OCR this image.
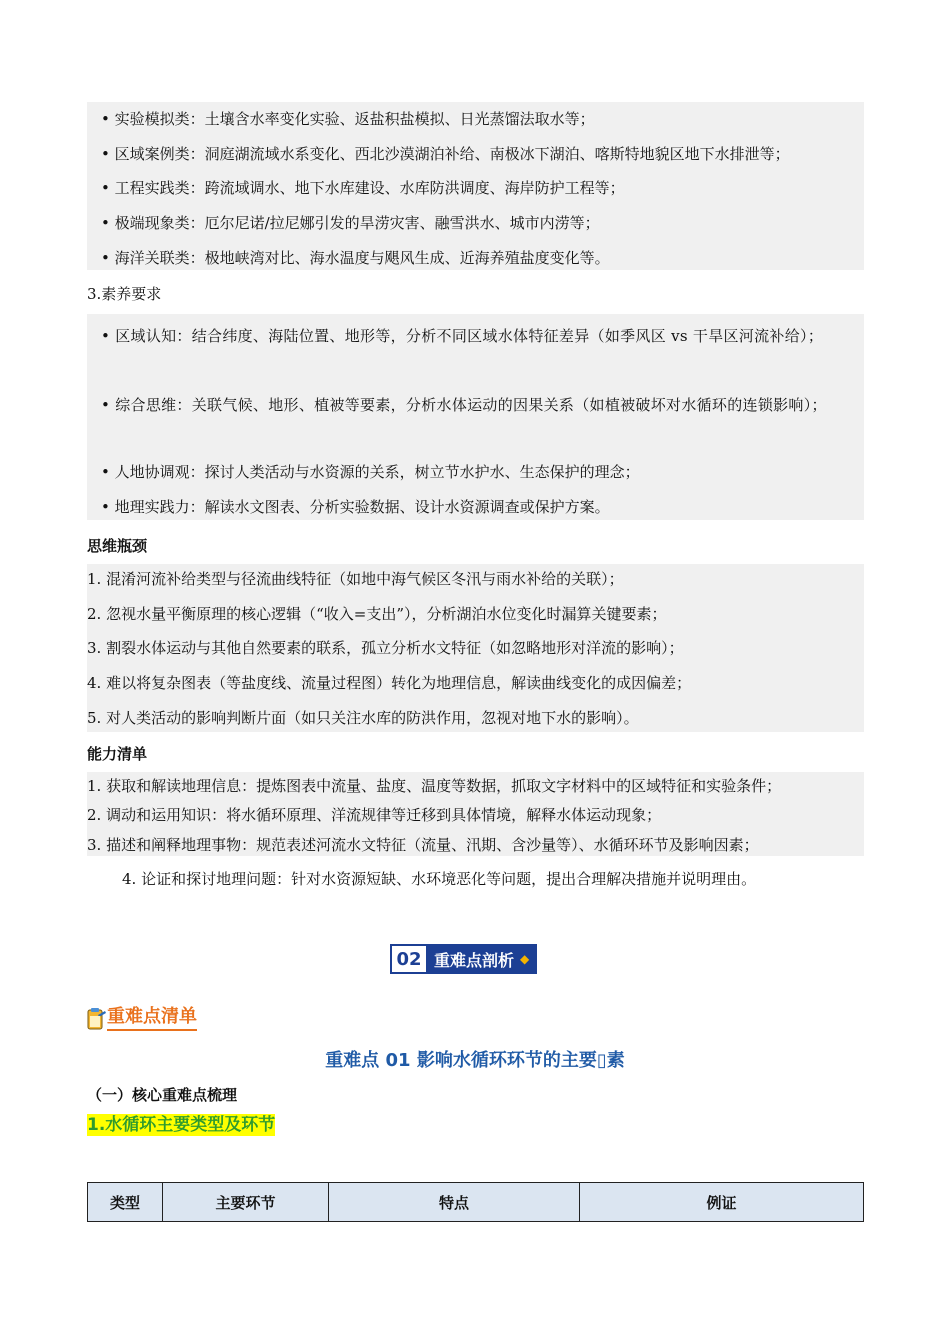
• 实验模拟类：土壤含水率变化实验、返盐积盐模拟、日光蒸馏法取水等；
• 区域案例类：洞庭湖流域水系变化、西北沙漠湖泊补给、南极冰下湖泊、喀斯特地貌区地下水排泄等；
• 工程实践类：跨流域调水、地下水库建设、水库防洪调度、海岸防护工程等；
• 极端现象类：厄尔尼诺/拉尼娜引发的旱涝灾害、融雪洪水、城市内涝等；
• 海洋关联类：极地峡湾对比、海水温度与飓风生成、近海养殖盐度变化等。
3.素养要求
• 区域认知：结合纬度、海陆位置、地形等，分析不同区域水体特征差异（如季风区 vs 干旱区河流补给）；
• 综合思维：关联气候、地形、植被等要素，分析水体运动的因果关系（如植被破坏对水循环的连锁影响）；
• 人地协调观：探讨人类活动与水资源的关系，树立节水护水、生态保护的理念；
• 地理实践力：解读水文图表、分析实验数据、设计水资源调查或保护方案。
思维瓶颈
1. 混淆河流补给类型与径流曲线特征（如地中海气候区冬汛与雨水补给的关联）；
2. 忽视水量平衡原理的核心逻辑（“收入=支出”），分析湖泊水位变化时漏算关键要素；
3. 割裂水体运动与其他自然要素的联系，孤立分析水文特征（如忽略地形对洋流的影响）；
4. 难以将复杂图表（等盐度线、流量过程图）转化为地理信息，解读曲线变化的成因偏差；
5. 对人类活动的影响判断片面（如只关注水库的防洪作用，忽视对地下水的影响）。
能力清单
1. 获取和解读地理信息：提炼图表中流量、盐度、温度等数据，抓取文字材料中的区域特征和实验条件；
2. 调动和运用知识：将水循环原理、洋流规律等迁移到具体情境，解释水体运动现象；
3. 描述和阐释地理事物：规范表述河流水文特征（流量、汛期、含沙量等）、水循环环节及影响因素；
4. 论证和探讨地理问题：针对水资源短缺、水环境恶化等问题，提出合理解决措施并说明理由。
02 重难点剖析 ◆
重难点清单
重难点 01 影响水循环环节的主要▯素
（一）核心重难点梳理
1.水循环主要类型及环节
类型	主要环节	特点	例证
